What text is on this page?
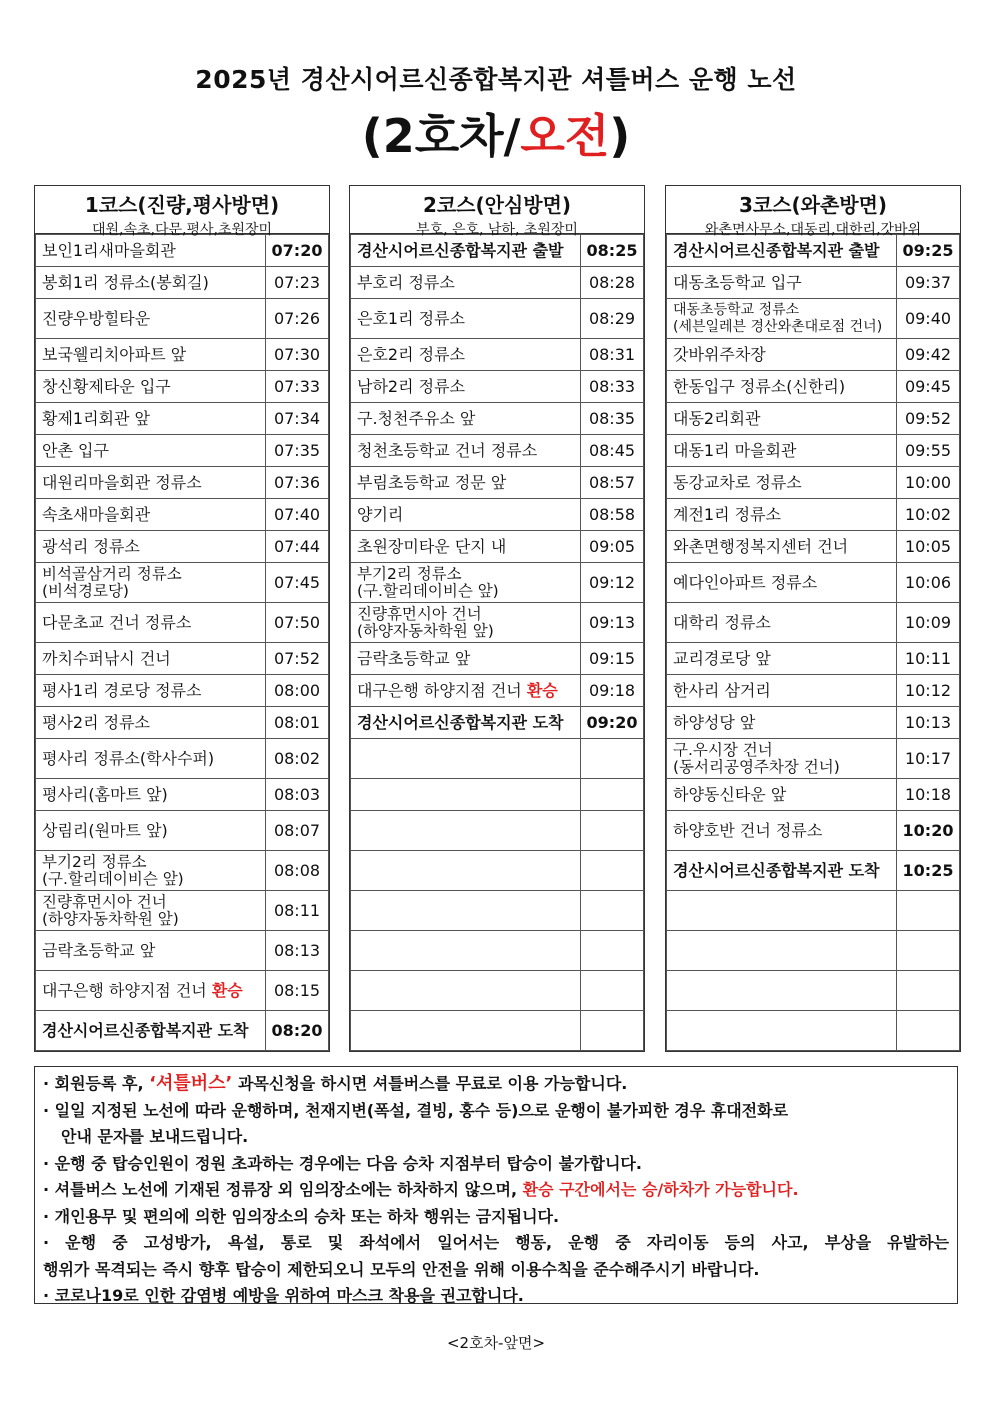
2025년 경산시어르신종합복지관 셔틀버스 운행 노선
(2호차/오전)
1코스(진량,평사방면)
대원,속초,다문,평사,초원장미
보인1리새마을회관	07:20
봉회1리 정류소(봉회길)	07:23
진량우방힐타운	07:26
보국웰리치아파트 앞	07:30
창신황제타운 입구	07:33
황제1리회관 앞	07:34
안촌 입구	07:35
대원리마을회관 정류소	07:36
속초새마을회관	07:40
광석리 정류소	07:44
비석골삼거리 정류소
(비석경로당)	07:45
다문초교 건너 정류소	07:50
까치수퍼낚시 건너	07:52
평사1리 경로당 정류소	08:00
평사2리 정류소	08:01
평사리 정류소(학사수퍼)	08:02
평사리(홈마트 앞)	08:03
상림리(원마트 앞)	08:07
부기2리 정류소
(구.할리데이비슨 앞)	08:08
진량휴먼시아 건너
(하양자동차학원 앞)	08:11
금락초등학교 앞	08:13
대구은행 하양지점 건너 환승	08:15
경산시어르신종합복지관 도착	08:20
2코스(안심방면)
부호, 은호, 남하, 초원장미
경산시어르신종합복지관 출발	08:25
부호리 정류소	08:28
은호1리 정류소	08:29
은호2리 정류소	08:31
남하2리 정류소	08:33
구.청천주유소 앞	08:35
청천초등학교 건너 정류소	08:45
부림초등학교 정문 앞	08:57
양기리	08:58
초원장미타운 단지 내	09:05
부기2리 정류소
(구.할리데이비슨 앞)	09:12
진량휴먼시아 건너
(하양자동차학원 앞)	09:13
금락초등학교 앞	09:15
대구은행 하양지점 건너 환승	09:18
경산시어르신종합복지관 도착	09:20

3코스(와촌방면)
와촌면사무소,대동리,대한리,갓바위
경산시어르신종합복지관 출발	09:25
대동초등학교 입구	09:37
대동초등학교 정류소
(세븐일레븐 경산와촌대로점 건너)	09:40
갓바위주차장	09:42
한동입구 정류소(신한리)	09:45
대동2리회관	09:52
대동1리 마을회관	09:55
동강교차로 정류소	10:00
계전1리 정류소	10:02
와촌면행정복지센터 건너	10:05
예다인아파트 정류소	10:06
대학리 정류소	10:09
교리경로당 앞	10:11
한사리 삼거리	10:12
하양성당 앞	10:13
구.우시장 건너
(동서리공영주차장 건너)	10:17
하양동신타운 앞	10:18
하양호반 건너 정류소	10:20
경산시어르신종합복지관 도착	10:25

· 회원등록 후, ‘셔틀버스’ 과목신청을 하시면 셔틀버스를 무료로 이용 가능합니다.

· 일일 지정된 노선에 따라 운행하며, 천재지변(폭설, 결빙, 홍수 등)으로 운행이 불가피한 경우 휴대전화로

안내 문자를 보내드립니다.

· 운행 중 탑승인원이 정원 초과하는 경우에는 다음 승차 지점부터 탑승이 불가합니다.

· 셔틀버스 노선에 기재된 정류장 외 임의장소에는 하차하지 않으며, 환승 구간에서는 승/하차가 가능합니다.

· 개인용무 및 편의에 의한 임의장소의 승차 또는 하차 행위는 금지됩니다.

· 운행 중 고성방가, 욕설, 통로 및 좌석에서 일어서는 행동, 운행 중 자리이동 등의 사고, 부상을 유발하는

행위가 목격되는 즉시 향후 탑승이 제한되오니 모두의 안전을 위해 이용수칙을 준수해주시기 바랍니다.

· 코로나19로 인한 감염병 예방을 위하여 마스크 착용을 권고합니다.

<2호차-앞면>
